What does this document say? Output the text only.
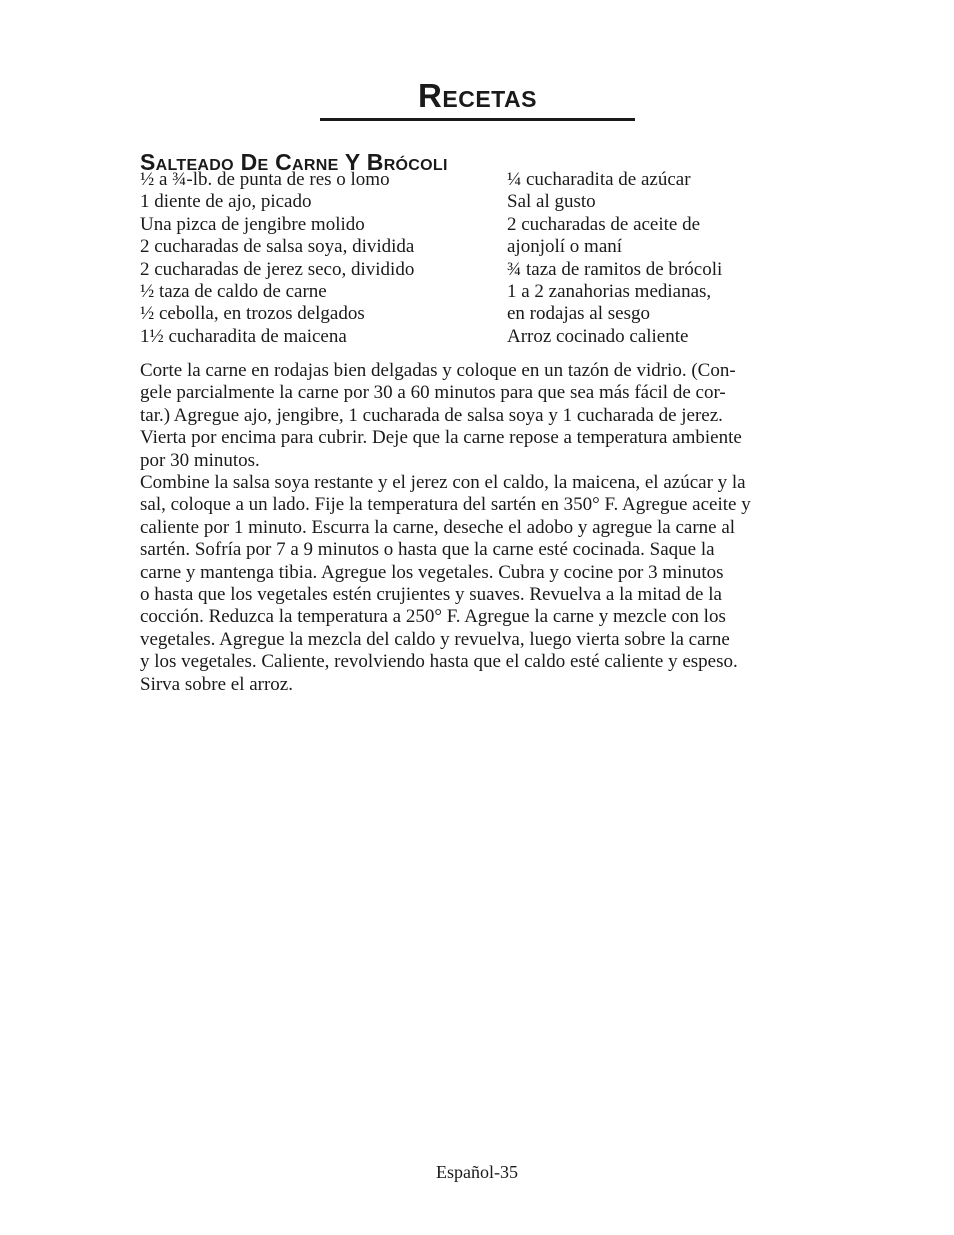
Recetas
Salteado De Carne Y Brócoli
½ a ¾-lb. de punta de res o lomo
1 diente de ajo, picado
Una pizca de jengibre molido
2 cucharadas de salsa soya, dividida
2 cucharadas de jerez seco, dividido
½ taza de caldo de carne
½ cebolla, en trozos delgados
1½ cucharadita de maicena
¼ cucharadita de azúcar
Sal al gusto
2 cucharadas de aceite de
ajonjolí o maní
¾ taza de ramitos de brócoli
1 a 2 zanahorias medianas,
en rodajas al sesgo
Arroz cocinado caliente
Corte la carne en rodajas bien delgadas y coloque en un tazón de vidrio. (Con-
gele parcialmente la carne por 30 a 60 minutos para que sea más fácil de cor-
tar.) Agregue ajo, jengibre, 1 cucharada de salsa soya y 1 cucharada de jerez.
Vierta por encima para cubrir. Deje que la carne repose a temperatura ambiente
por 30 minutos.
Combine la salsa soya restante y el jerez con el caldo, la maicena, el azúcar y la
sal, coloque a un lado. Fije la temperatura del sartén en 350° F. Agregue aceite y
caliente por 1 minuto. Escurra la carne, deseche el adobo y agregue la carne al
sartén. Sofría por 7 a 9 minutos o hasta que la carne esté cocinada. Saque la
carne y mantenga tibia. Agregue los vegetales. Cubra y cocine por 3 minutos
o hasta que los vegetales estén crujientes y suaves. Revuelva a la mitad de la
cocción. Reduzca la temperatura a 250° F. Agregue la carne y mezcle con los
vegetales. Agregue la mezcla del caldo y revuelva, luego vierta sobre la carne
y los vegetales. Caliente, revolviendo hasta que el caldo esté caliente y espeso.
Sirva sobre el arroz.
Español-35
